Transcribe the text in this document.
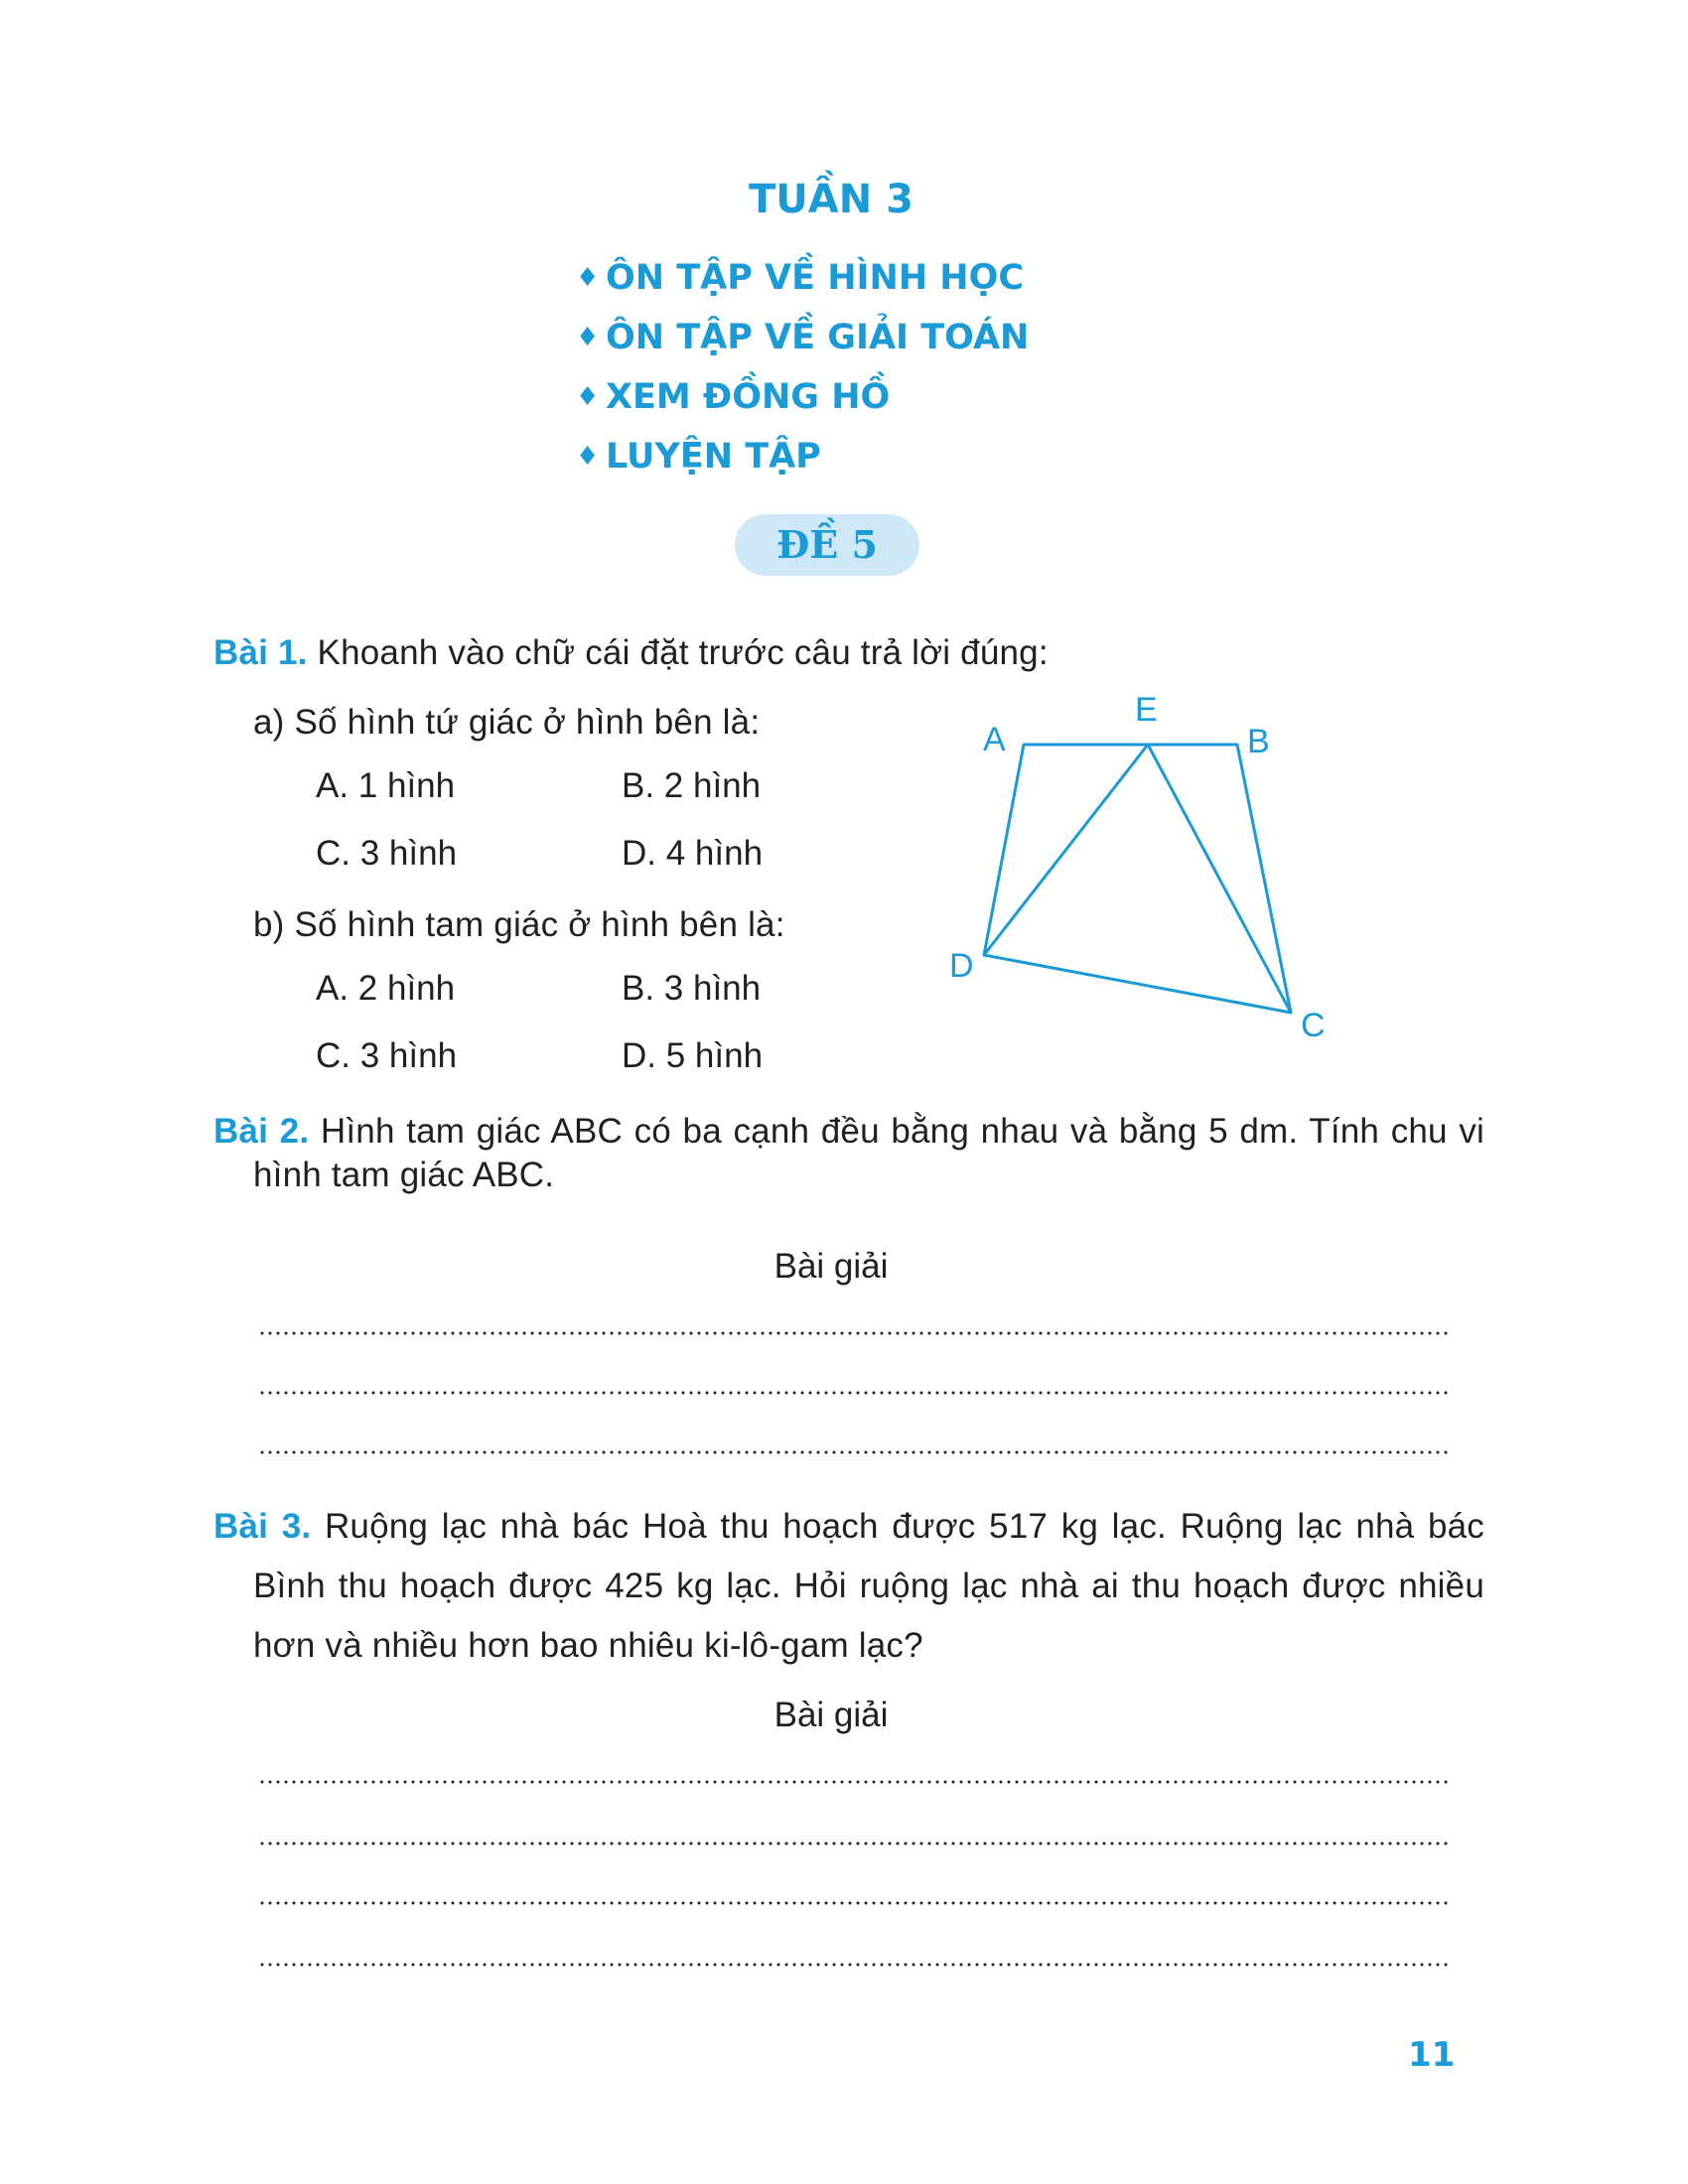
TUẦN 3
♦ ÔN TẬP VỀ HÌNH HỌC
♦ ÔN TẬP VỀ GIẢI TOÁN
♦ XEM ĐỒNG HỒ
♦ LUYỆN TẬP
ĐỀ 5
Bài 1. Khoanh vào chữ cái đặt trước câu trả lời đúng:
a) Số hình tứ giác ở hình bên là:
A. 1 hình	B. 2 hình
C. 3 hình	D. 4 hình
b) Số hình tam giác ở hình bên là:
A. 2 hình	B. 3 hình
C. 3 hình	D. 5 hình
A
E
B
D
C
Bài 2. Hình tam giác ABC có ba cạnh đều bằng nhau và bằng 5 dm. Tính chu vi hình tam giác ABC.
Bài giải
Bài 3. Ruộng lạc nhà bác Hoà thu hoạch được 517 kg lạc. Ruộng lạc nhà bác Bình thu hoạch được 425 kg lạc. Hỏi ruộng lạc nhà ai thu hoạch được nhiều hơn và nhiều hơn bao nhiêu ki-lô-gam lạc?
Bài giải
11
